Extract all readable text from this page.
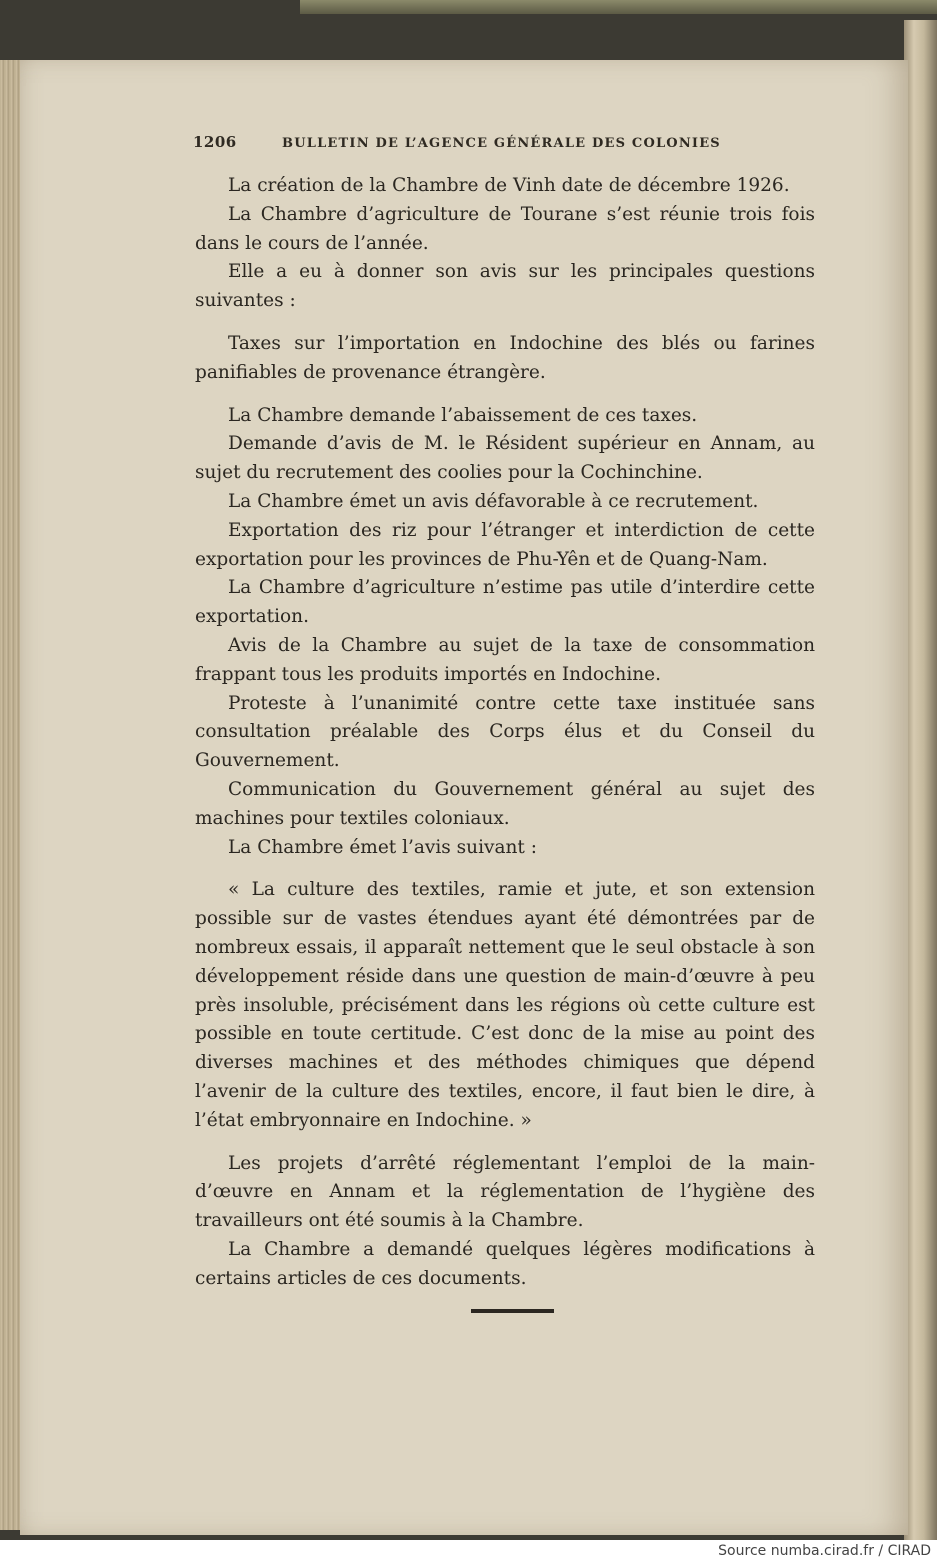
1206	BULLETIN DE L’AGENCE GÉNÉRALE DES COLONIES

La création de la Chambre de Vinh date de décembre 1926.

La Chambre d’agriculture de Tourane s’est réunie trois fois dans le cours de l’année.

Elle a eu à donner son avis sur les principales questions suivantes :

Taxes sur l’importation en Indochine des blés ou farines panifiables de provenance étrangère.

La Chambre demande l’abaissement de ces taxes.

Demande d’avis de M. le Résident supérieur en Annam, au sujet du recrutement des coolies pour la Cochinchine.

La Chambre émet un avis défavorable à ce recrutement.

Exportation des riz pour l’étranger et interdiction de cette exportation pour les provinces de Phu-Yên et de Quang-Nam.

La Chambre d’agriculture n’estime pas utile d’interdire cette exportation.

Avis de la Chambre au sujet de la taxe de consommation frappant tous les produits importés en Indochine.

Proteste à l’unanimité contre cette taxe instituée sans consultation préalable des Corps élus et du Conseil du Gouvernement.

Communication du Gouvernement général au sujet des machines pour textiles coloniaux.

La Chambre émet l’avis suivant :

« La culture des textiles, ramie et jute, et son extension possible sur de vastes étendues ayant été démontrées par de nombreux essais, il apparaît nettement que le seul obstacle à son développement réside dans une question de main-d’œuvre à peu près insoluble, précisément dans les régions où cette culture est possible en toute certitude. C’est donc de la mise au point des diverses machines et des méthodes chimiques que dépend l’avenir de la culture des textiles, encore, il faut bien le dire, à l’état embryonnaire en Indochine. »

Les projets d’arrêté réglementant l’emploi de la main-d’œuvre en Annam et la réglementation de l’hygiène des travailleurs ont été soumis à la Chambre.

La Chambre a demandé quelques légères modifications à certains articles de ces documents.

Source numba.cirad.fr / CIRAD
